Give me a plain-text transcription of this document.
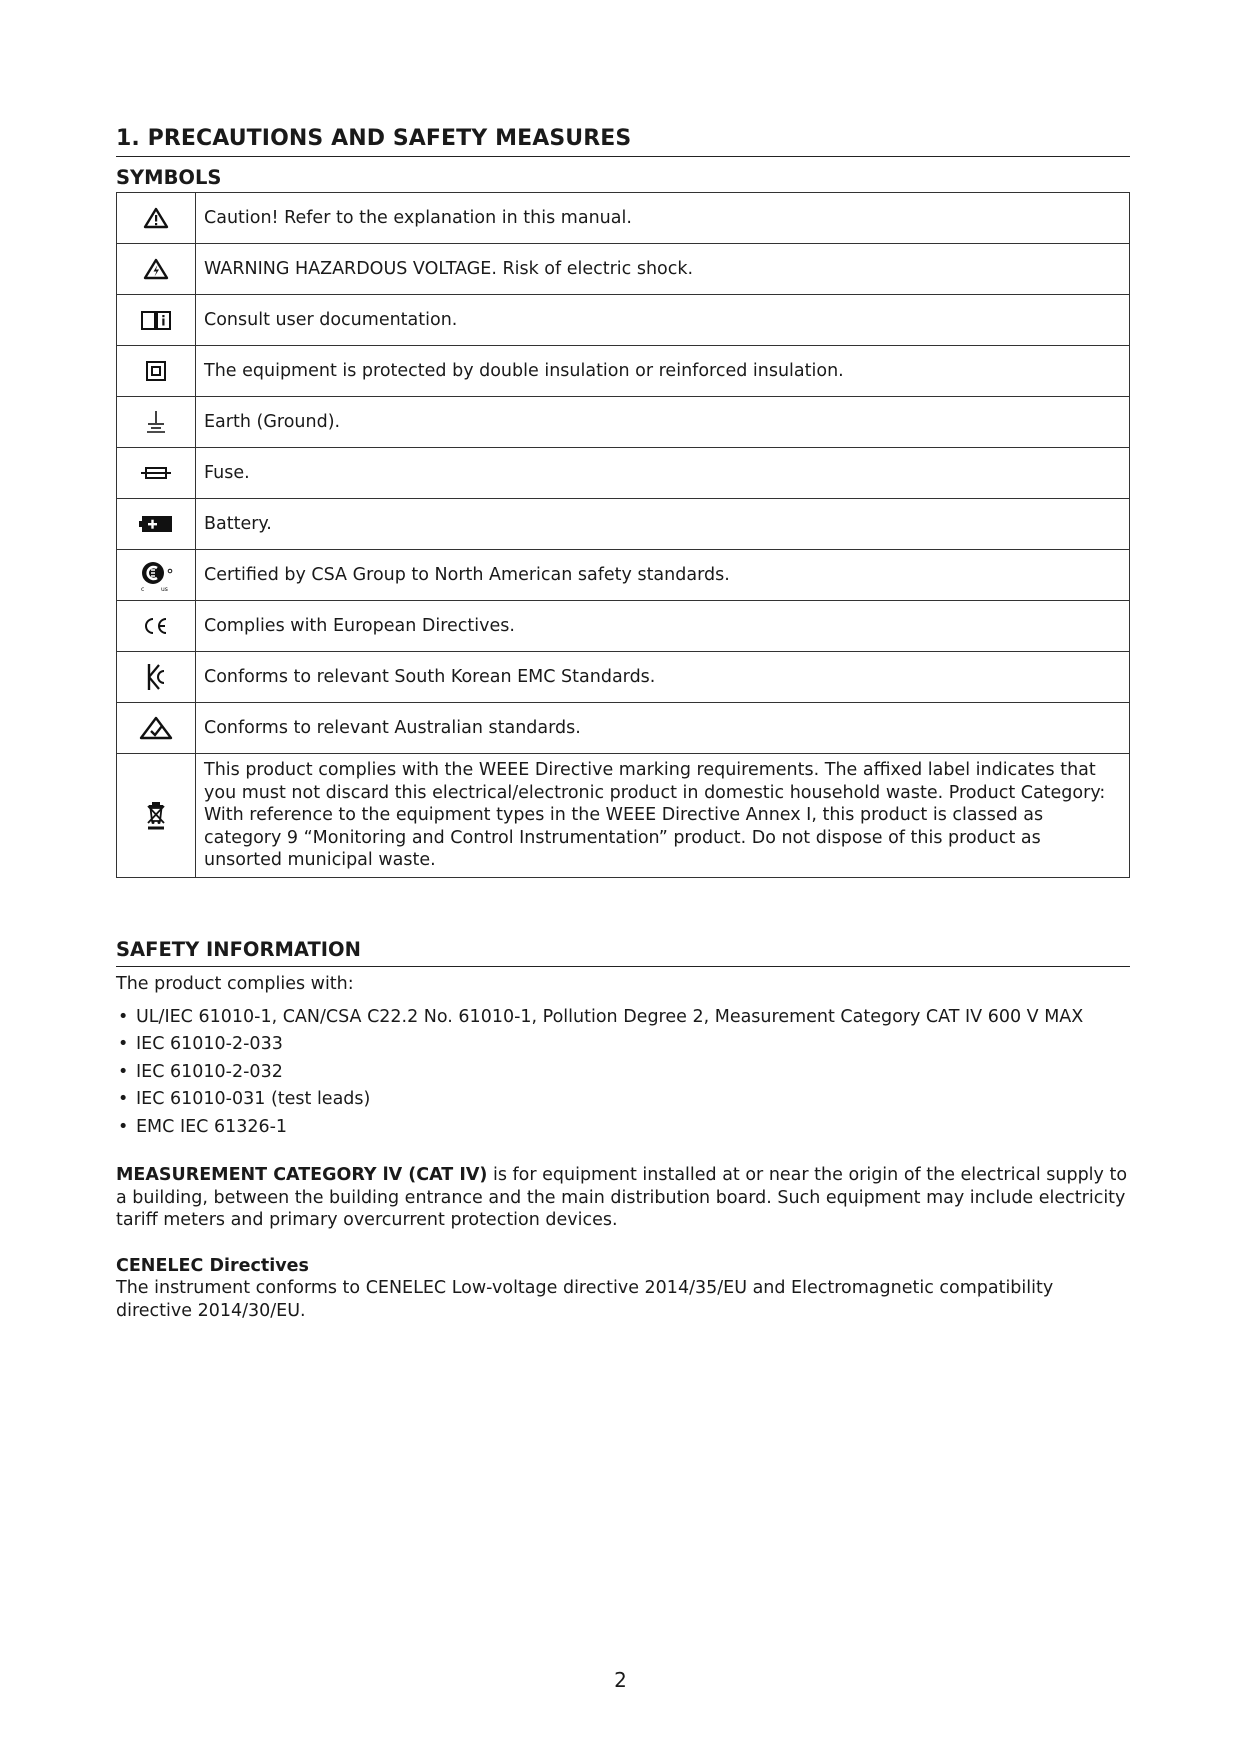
1. PRECAUTIONS AND SAFETY MEASURES
SYMBOLS
	Caution! Refer to the explanation in this manual.
	WARNING HAZARDOUS VOLTAGE. Risk of electric shock.
	Consult user documentation.
	The equipment is protected by double insulation or reinforced insulation.
	Earth (Ground).
	Fuse.
	Battery.

c us	Certified by CSA Group to North American safety standards.
	Complies with European Directives.
	Conforms to relevant South Korean EMC Standards.
	Conforms to relevant Australian standards.
	This product complies with the WEEE Directive marking requirements. The affixed label indicates that you must not discard this electrical/electronic product in domestic household waste. Product Category: With reference to the equipment types in the WEEE Directive Annex I, this product is classed as category 9 “Monitoring and Control Instrumentation” product. Do not dispose of this product as unsorted municipal waste.
SAFETY INFORMATION

The product complies with:

• UL/IEC 61010-1, CAN/CSA C22.2 No. 61010-1, Pollution Degree 2, Measurement Category CAT IV 600 V MAX
• IEC 61010-2-033
• IEC 61010-2-032
• IEC 61010-031 (test leads)
• EMC IEC 61326-1

MEASUREMENT CATEGORY lV (CAT IV) is for equipment installed at or near the origin of the electrical supply to a building, between the building entrance and the main distribution board. Such equipment may include electricity tariff meters and primary overcurrent protection devices.

CENELEC Directives

The instrument conforms to CENELEC Low-voltage directive 2014/35/EU and Electromagnetic compatibility directive 2014/30/EU.

2
